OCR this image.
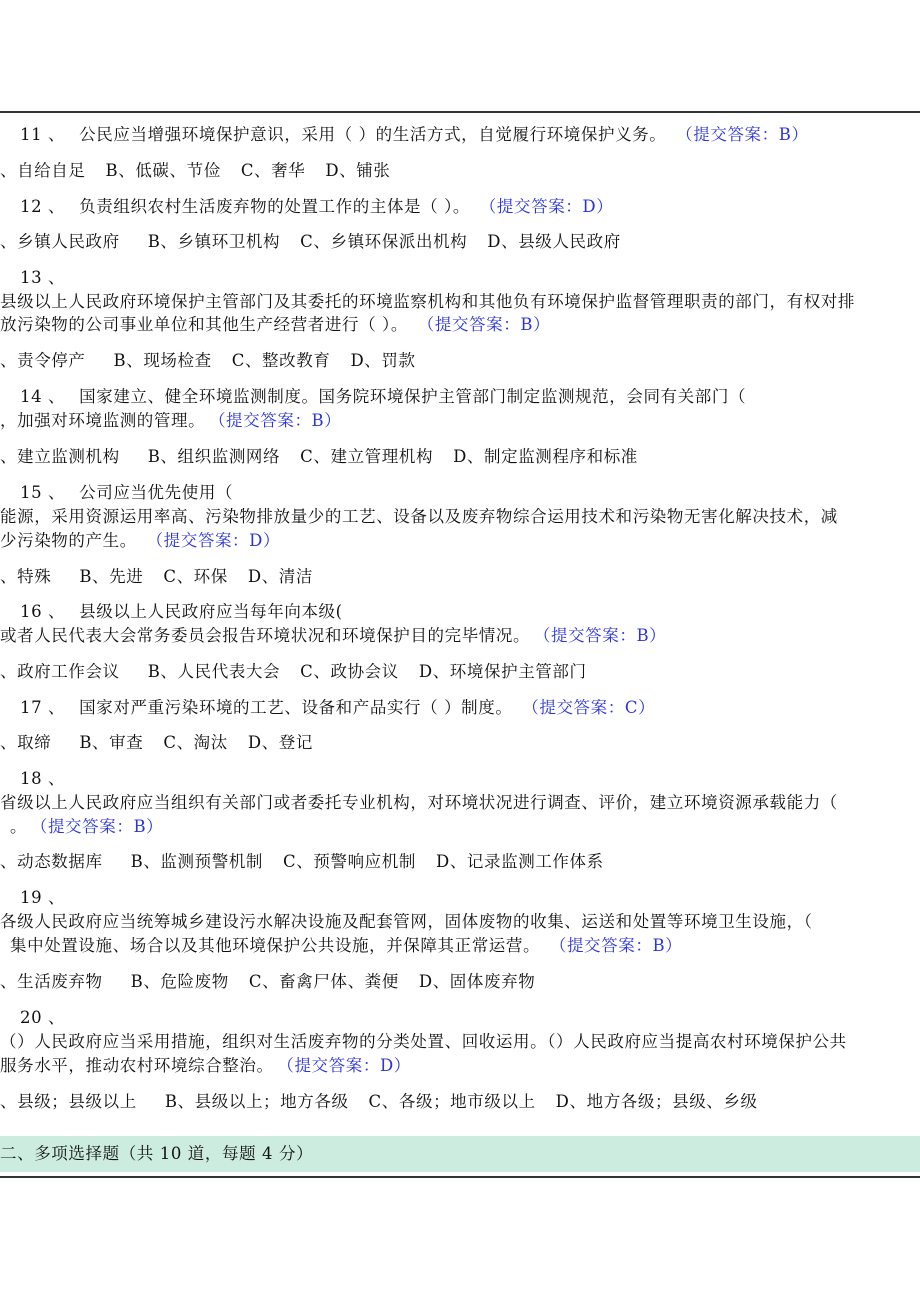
11 、 公民应当增强环境保护意识，采用（ ）的生活方式，自觉履行环境保护义务。 （提交答案：B）
、自给自足 B、低碳、节俭 C、奢华 D、铺张
12 、 负责组织农村生活废弃物的处置工作的主体是（ ）。 （提交答案：D）
、乡镇人民政府 B、乡镇环卫机构 C、乡镇环保派出机构 D、县级人民政府
13 、
县级以上人民政府环境保护主管部门及其委托的环境监察机构和其他负有环境保护监督管理职责的部门，有权对排
放污染物的公司事业单位和其他生产经营者进行（ ）。 （提交答案：B）
、责令停产 B、现场检查 C、整改教育 D、罚款
14 、 国家建立、健全环境监测制度。国务院环境保护主管部门制定监测规范，会同有关部门（
，加强对环境监测的管理。 （提交答案：B）
、建立监测机构 B、组织监测网络 C、建立管理机构 D、制定监测程序和标准
15 、 公司应当优先使用（
能源，采用资源运用率高、污染物排放量少的工艺、设备以及废弃物综合运用技术和污染物无害化解决技术，减
少污染物的产生。 （提交答案：D）
、特殊 B、先进 C、环保 D、清洁
16 、 县级以上人民政府应当每年向本级(
或者人民代表大会常务委员会报告环境状况和环境保护目的完毕情况。 （提交答案：B）
、政府工作会议 B、人民代表大会 C、政协会议 D、环境保护主管部门
17 、 国家对严重污染环境的工艺、设备和产品实行（ ）制度。 （提交答案：C）
、取缔 B、审查 C、淘汰 D、登记
18 、
省级以上人民政府应当组织有关部门或者委托专业机构，对环境状况进行调查、评价，建立环境资源承载能力（
。 （提交答案：B）
、动态数据库 B、监测预警机制 C、预警响应机制 D、记录监测工作体系
19 、
各级人民政府应当统筹城乡建设污水解决设施及配套管网，固体废物的收集、运送和处置等环境卫生设施，（
集中处置设施、场合以及其他环境保护公共设施，并保障其正常运营。 （提交答案：B）
、生活废弃物 B、危险废物 C、畜禽尸体、粪便 D、固体废弃物
20 、
（）人民政府应当采用措施，组织对生活废弃物的分类处置、回收运用。（）人民政府应当提高农村环境保护公共
服务水平，推动农村环境综合整治。 （提交答案：D）
、县级；县级以上 B、县级以上；地方各级 C、各级；地市级以上 D、地方各级；县级、乡级
二、多项选择题（共 10 道，每题 4 分）
